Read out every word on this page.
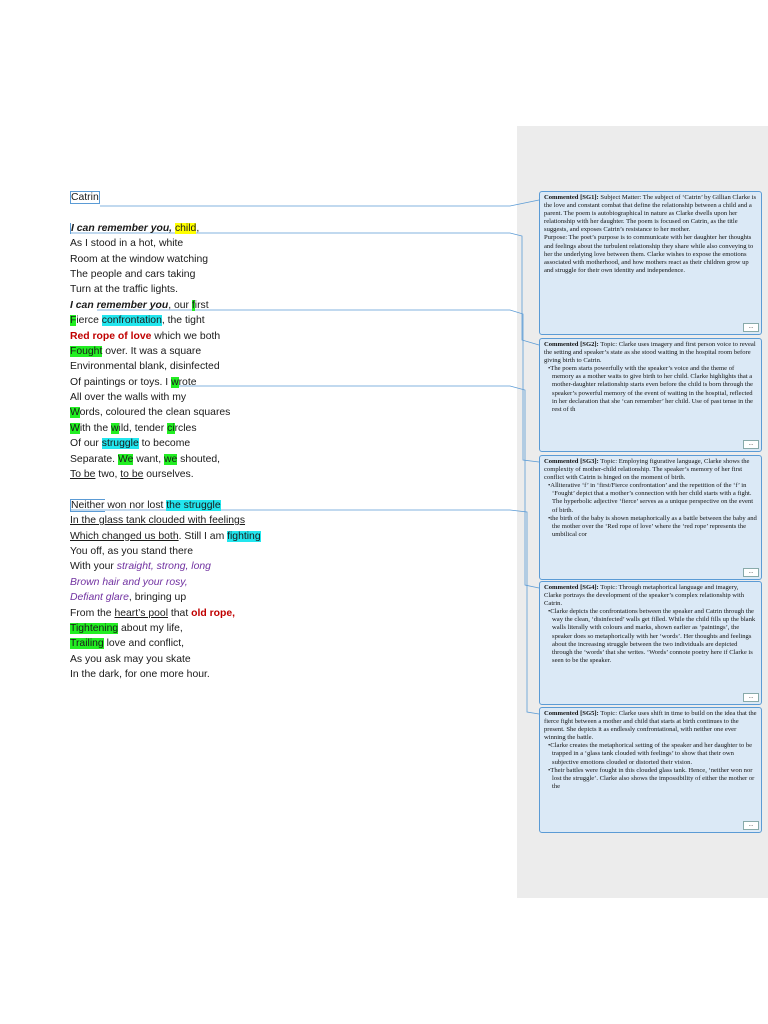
Catrin
I can remember you, child,
As I stood in a hot, white
Room at the window watching
The people and cars taking
Turn at the traffic lights.
I can remember you, our first
Fierce confrontation, the tight
Red rope of love which we both
Fought over. It was a square
Environmental blank, disinfected
Of paintings or toys. I wrote
All over the walls with my
Words, coloured the clean squares
With the wild, tender circles
Of our struggle to become
Separate. We want, we shouted,
To be two, to be ourselves.
Neither won nor lost the struggle
In the glass tank clouded with feelings
Which changed us both. Still I am fighting
You off, as you stand there
With your straight, strong, long
Brown hair and your rosy,
Defiant glare, bringing up
From the heart’s pool that old rope,
Tightening about my life,
Trailing love and conflict,
As you ask may you skate
In the dark, for one more hour.

Commented [SG1]: Subject Matter: The subject of ‘Catrin’ by Gillian Clarke is the love and constant combat that define the relationship between a child and a parent. The poem is autobiographical in nature as Clarke dwells upon her relationship with her daughter. The poem is focused on Catrin, as the title suggests, and exposes Catrin’s resistance to her mother.

Purpose: The poet’s purpose is to communicate with her daughter her thoughts and feelings about the turbulent relationship they share while also conveying to her the underlying love between them. Clarke wishes to expose the emotions associated with motherhood, and how mothers react as their children grow up and struggle for their own identity and independence.

...

Commented [SG2]: Topic: Clarke uses imagery and first person voice to reveal the setting and speaker’s state as she stood waiting in the hospital room before giving birth to Catrin.

•The poem starts powerfully with the speaker’s voice and the theme of memory as a mother waits to give birth to her child. Clarke highlights that a mother-daughter relationship starts even before the child is born through the speaker’s powerful memory of the event of waiting in the hospital, reflected in her declaration that she ‘can remember’ her child. Use of past tense in the rest of th

...

Commented [SG3]: Topic: Employing figurative language, Clarke shows the complexity of mother-child relationship. The speaker’s memory of her first conflict with Catrin is hinged on the moment of birth.

•Alliterative ‘f’ in ‘first/Fierce confrontation’ and the repetition of the ‘f’ in ‘Fought’ depict that a mother’s connection with her child starts with a fight. The hyperbolic adjective ‘fierce’ serves as a unique perspective on the event of birth.

•the birth of the baby is shown metaphorically as a battle between the baby and the mother over the ‘Red rope of love’ where the ‘red rope’ represents the umbilical cor

...

Commented [SG4]: Topic: Through metaphorical language and imagery, Clarke portrays the development of the speaker’s complex relationship with Catrin.

•Clarke depicts the confrontations between the speaker and Catrin through the way the clean, ‘disinfected’ walls get filled. While the child fills up the blank walls literally with colours and marks, shown earlier as ‘paintings’, the speaker does so metaphorically with her ‘words’. Her thoughts and feelings about the increasing struggle between the two individuals are depicted through the ‘words’ that she writes. ‘Words’ connote poetry here if Clarke is seen to be the speaker.

...

Commented [SG5]: Topic: Clarke uses shift in time to build on the idea that the fierce fight between a mother and child that starts at birth continues to the present. She depicts it as endlessly confrontational, with neither one ever winning the battle.

•Clarke creates the metaphorical setting of the speaker and her daughter to be trapped in a ‘glass tank clouded with feelings’ to show that their own subjective emotions clouded or distorted their vision.

•Their battles were fought in this clouded glass tank. Hence, ‘neither won nor lost the struggle’. Clarke also shows the impossibility of either the mother or the

...
